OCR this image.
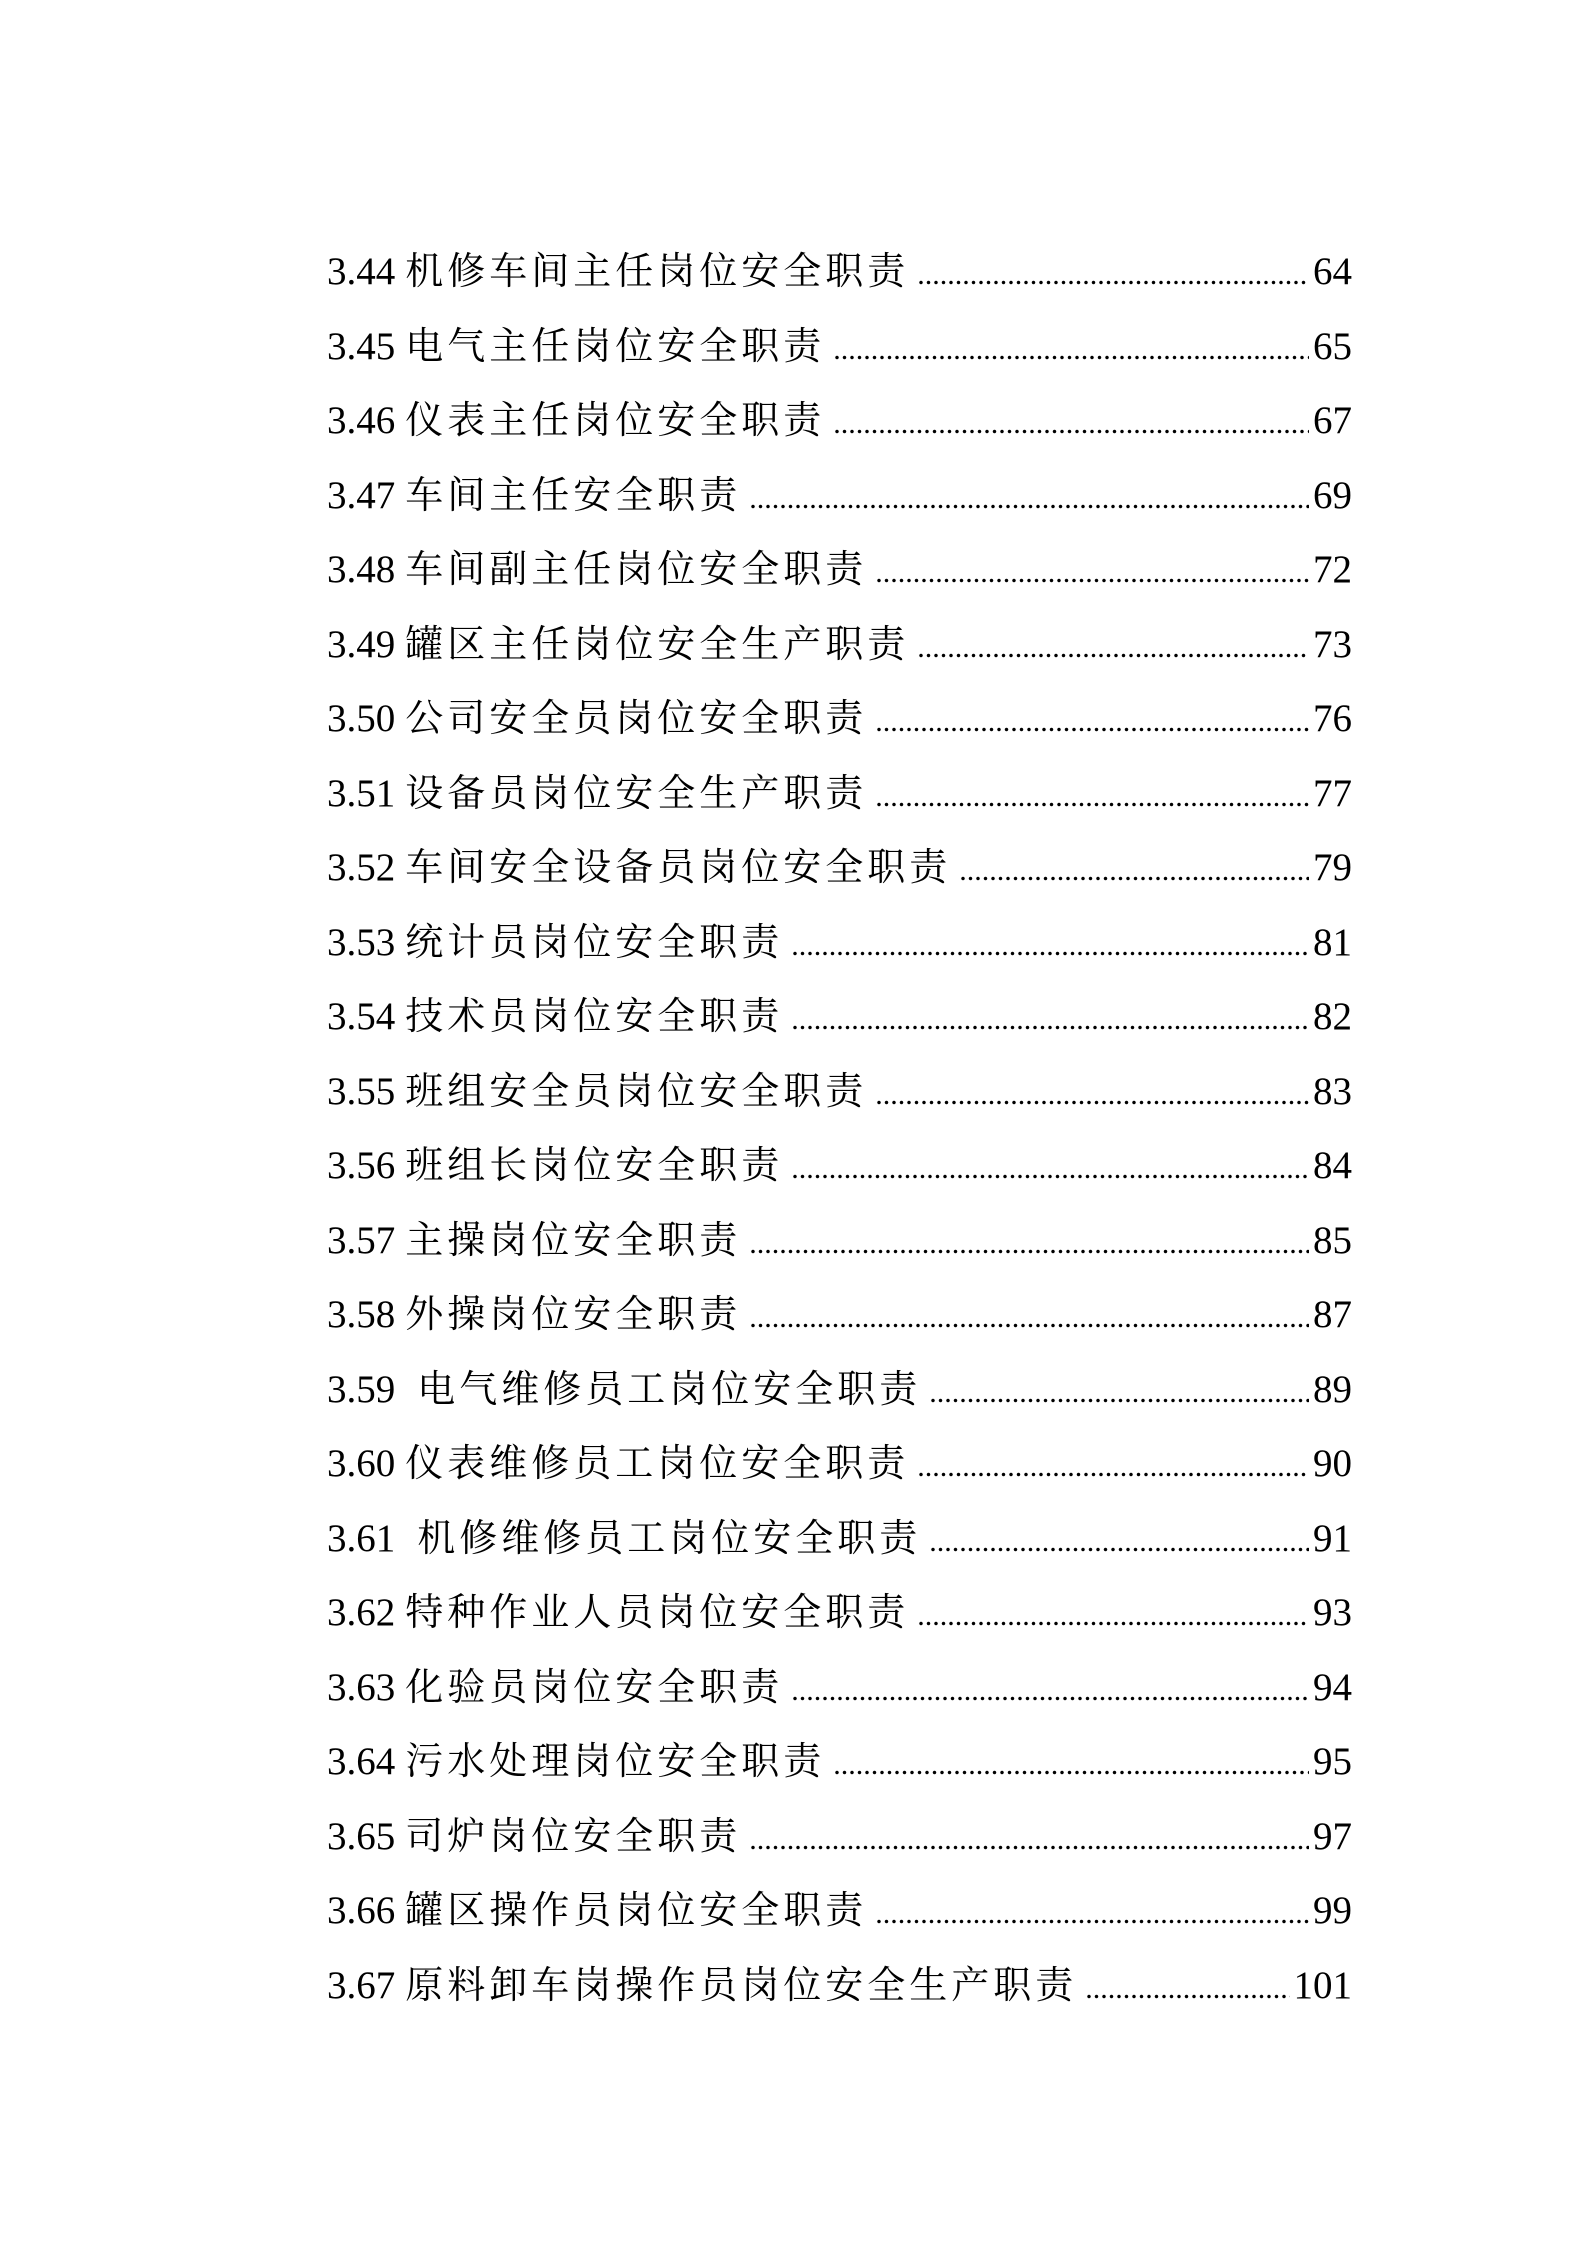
3.44 机修车间主任岗位安全职责 .....	64
3.45 电气主任岗位安全职责 .....	65
3.46 仪表主任岗位安全职责 .....	67
3.47 车间主任安全职责 .....	69
3.48 车间副主任岗位安全职责 .....	72
3.49 罐区主任岗位安全生产职责 .....	73
3.50 公司安全员岗位安全职责 .....	76
3.51 设备员岗位安全生产职责 .....	77
3.52 车间安全设备员岗位安全职责 .....	79
3.53 统计员岗位安全职责 .....	81
3.54 技术员岗位安全职责 .....	82
3.55 班组安全员岗位安全职责 .....	83
3.56 班组长岗位安全职责 .....	84
3.57 主操岗位安全职责 .....	85
3.58 外操岗位安全职责 .....	87
3.59 电气维修员工岗位安全职责 .....	89
3.60 仪表维修员工岗位安全职责 .....	90
3.61 机修维修员工岗位安全职责 .....	91
3.62 特种作业人员岗位安全职责 .....	93
3.63 化验员岗位安全职责 .....	94
3.64 污水处理岗位安全职责 .....	95
3.65 司炉岗位安全职责 .....	97
3.66 罐区操作员岗位安全职责 .....	99
3.67 原料卸车岗操作员岗位安全生产职责 .....	101
